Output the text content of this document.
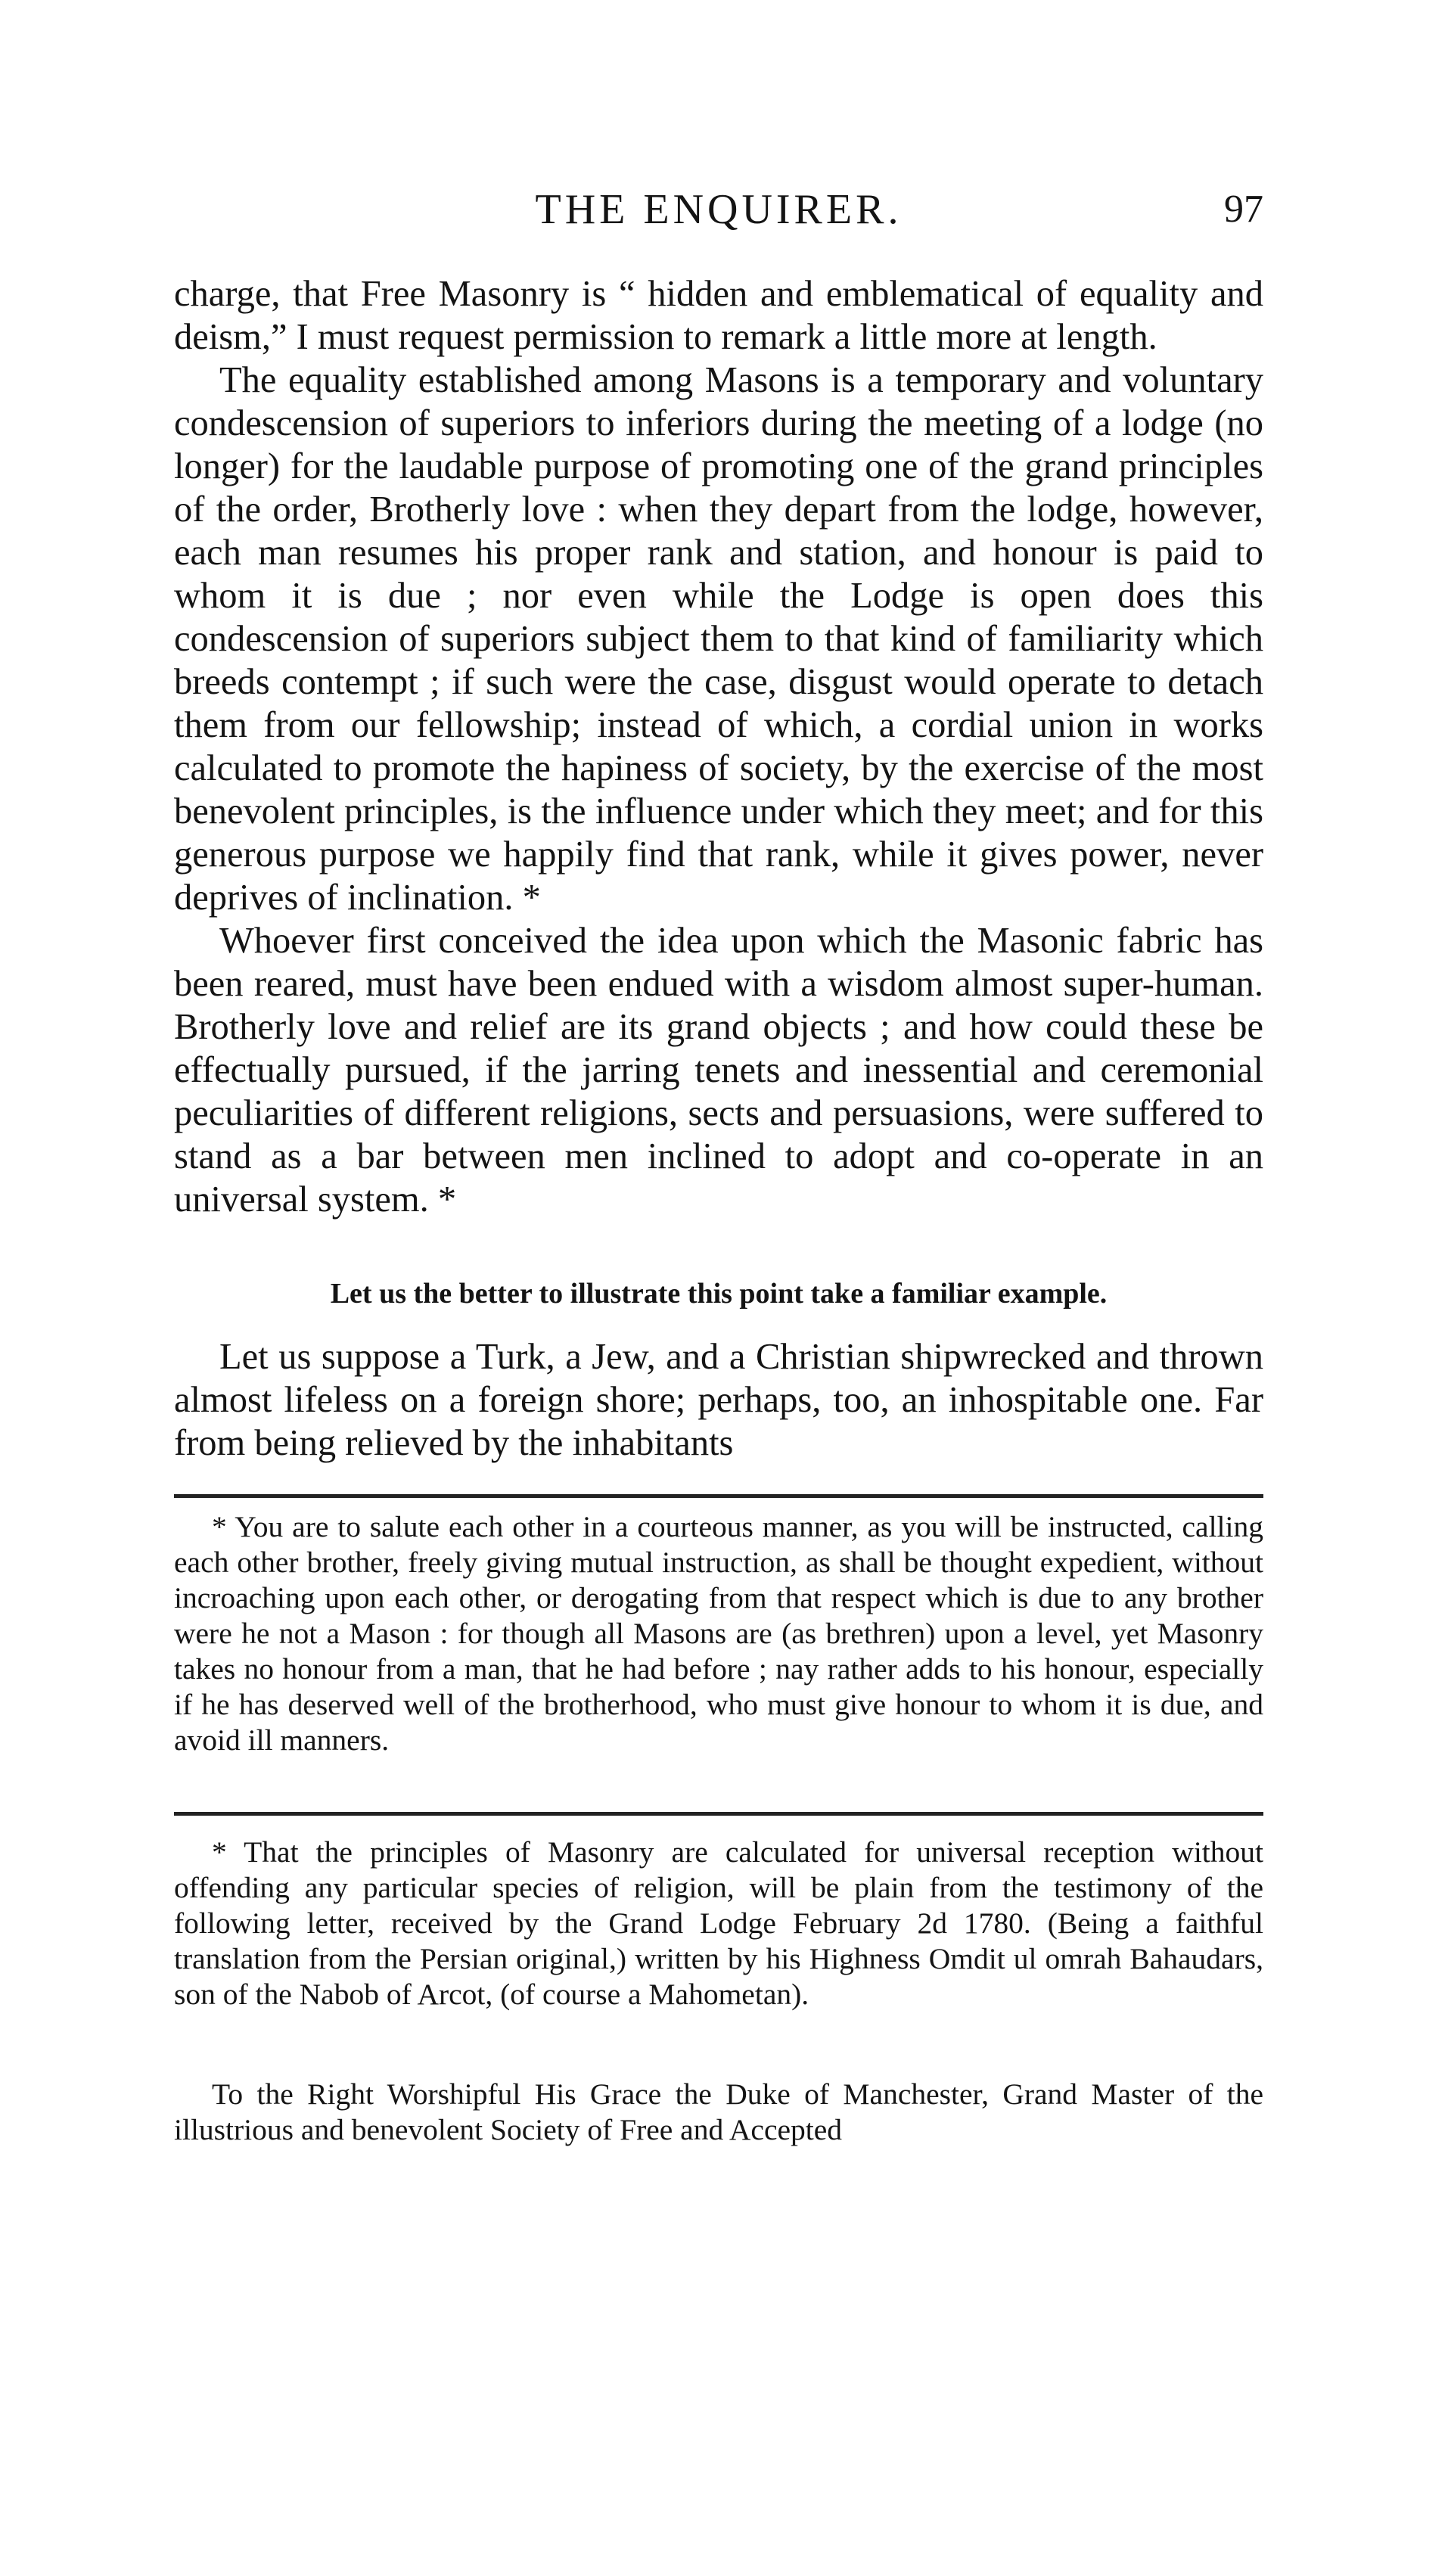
THE ENQUIRER.	97

charge, that Free Masonry is “ hidden and emblematical of equality and deism,” I must request permission to remark a little more at length.

The equality established among Masons is a temporary and voluntary condescension of superiors to inferiors during the meeting of a lodge (no longer) for the laudable purpose of promoting one of the grand principles of the order, Brotherly love : when they depart from the lodge, however, each man resumes his proper rank and station, and honour is paid to whom it is due ; nor even while the Lodge is open does this condescension of superiors subject them to that kind of familiarity which breeds contempt ; if such were the case, disgust would operate to detach them from our fellowship; instead of which, a cordial union in works calculated to promote the hapiness of society, by the exercise of the most benevolent principles, is the influence under which they meet; and for this generous purpose we happily find that rank, while it gives power, never deprives of inclination. *

Whoever first conceived the idea upon which the Masonic fabric has been reared, must have been endued with a wisdom almost super-human. Brotherly love and relief are its grand objects ; and how could these be effectually pursued, if the jarring tenets and inessential and ceremonial peculiarities of different religions, sects and persuasions, were suffered to stand as a bar between men inclined to adopt and co-operate in an universal system. *

Let us the better to illustrate this point take a familiar example.

Let us suppose a Turk, a Jew, and a Christian shipwrecked and thrown almost lifeless on a foreign shore; perhaps, too, an inhospitable one. Far from being relieved by the inhabitants

* You are to salute each other in a courteous manner, as you will be instructed, calling each other brother, freely giving mutual instruction, as shall be thought expedient, without incroaching upon each other, or derogating from that respect which is due to any brother were he not a Mason : for though all Masons are (as brethren) upon a level, yet Masonry takes no honour from a man, that he had before ; nay rather adds to his honour, especially if he has deserved well of the brotherhood, who must give honour to whom it is due, and avoid ill manners.

* That the principles of Masonry are calculated for universal reception without offending any particular species of religion, will be plain from the testimony of the following letter, received by the Grand Lodge February 2d 1780. (Being a faithful translation from the Persian original,) written by his Highness Omdit ul omrah Bahaudars, son of the Nabob of Arcot, (of course a Mahometan).

To the Right Worshipful His Grace the Duke of Manchester, Grand Master of the illustrious and benevolent Society of Free and Accepted
